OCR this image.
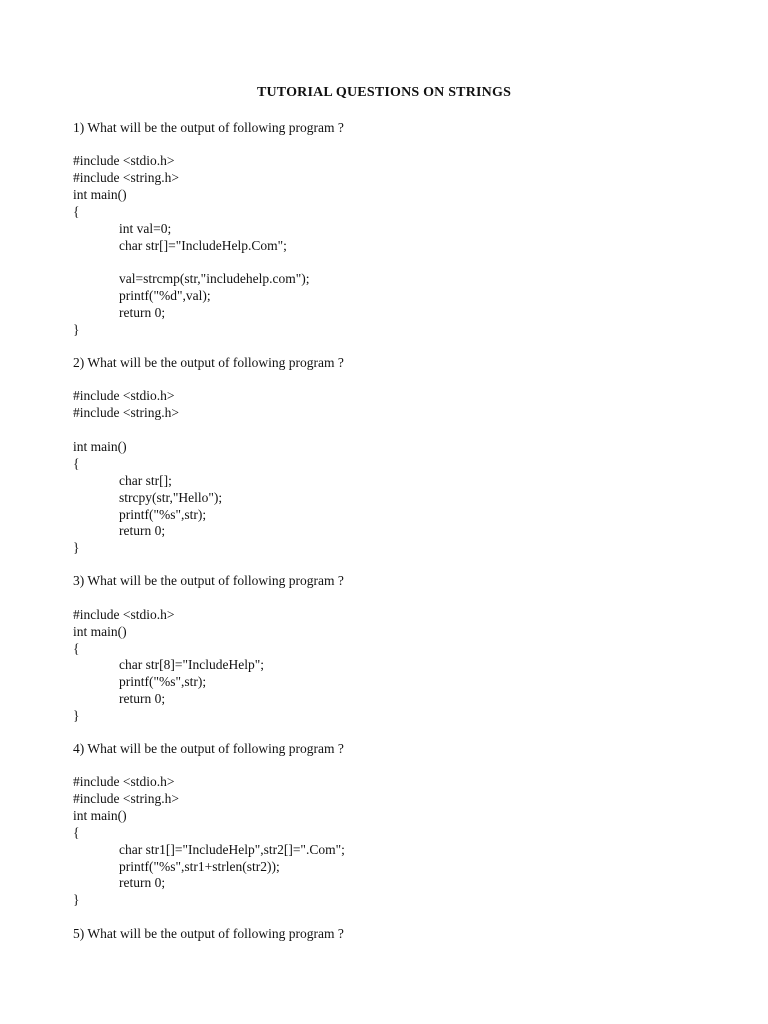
TUTORIAL QUESTIONS ON STRINGS
1) What will be the output of following program ?
#include <stdio.h>
#include <string.h>
int main()
{
int val=0;
char str[]="IncludeHelp.Com";
val=strcmp(str,"includehelp.com");
printf("%d",val);
return 0;
}
2) What will be the output of following program ?
#include <stdio.h>
#include <string.h>
int main()
{
char str[];
strcpy(str,"Hello");
printf("%s",str);
return 0;
}
3) What will be the output of following program ?
#include <stdio.h>
int main()
{
char str[8]="IncludeHelp";
printf("%s",str);
return 0;
}
4) What will be the output of following program ?
#include <stdio.h>
#include <string.h>
int main()
{
char str1[]="IncludeHelp",str2[]=".Com";
printf("%s",str1+strlen(str2));
return 0;
}
5) What will be the output of following program ?
